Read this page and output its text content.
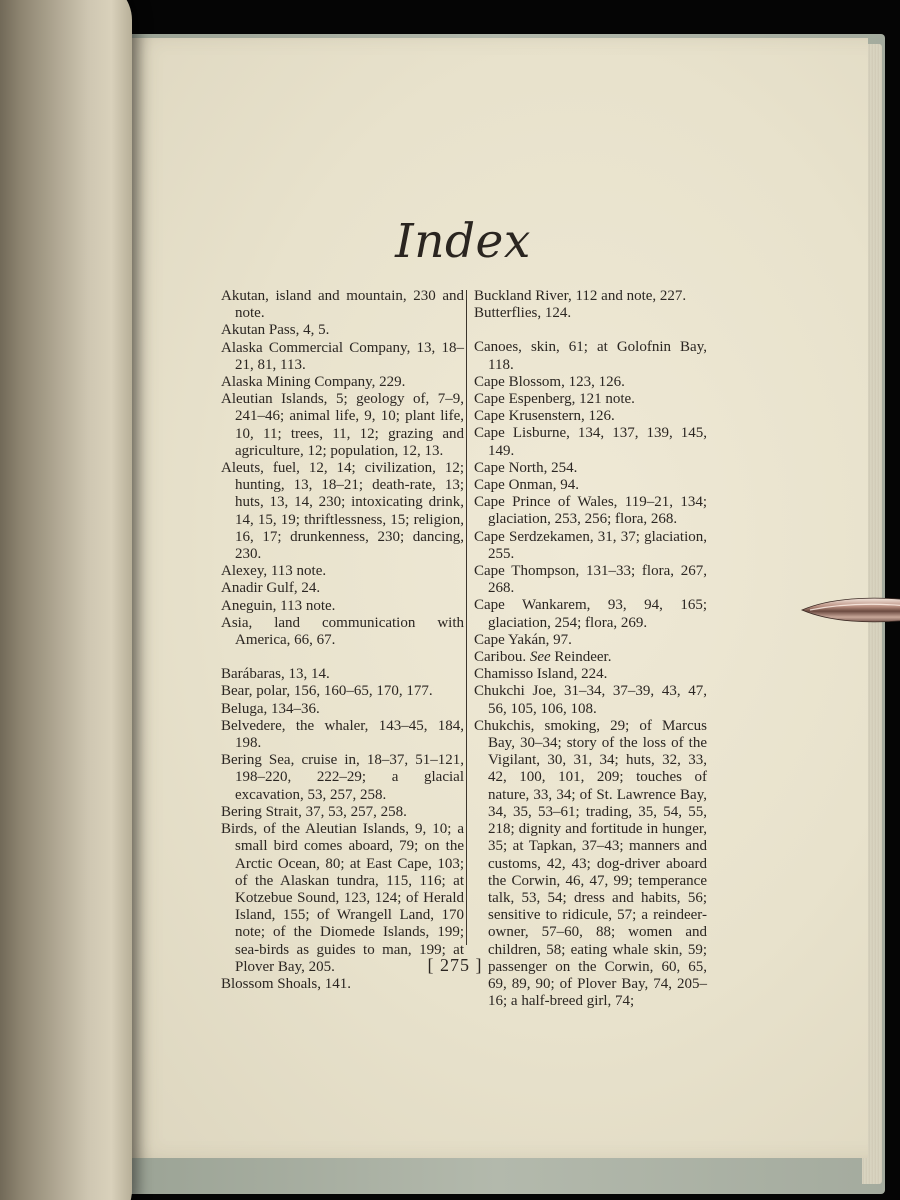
Index

Akutan, island and mountain, 230 and note.

Akutan Pass, 4, 5.

Alaska Commercial Company, 13, 18–21, 81, 113.

Alaska Mining Company, 229.

Aleutian Islands, 5; geology of, 7–9, 241–46; animal life, 9, 10; plant life, 10, 11; trees, 11, 12; grazing and agriculture, 12; population, 12, 13.

Aleuts, fuel, 12, 14; civilization, 12; hunting, 13, 18–21; death-rate, 13; huts, 13, 14, 230; intoxicating drink, 14, 15, 19; thriftlessness, 15; religion, 16, 17; drunkenness, 230; dancing, 230.

Alexey, 113 note.

Anadir Gulf, 24.

Aneguin, 113 note.

Asia, land communication with America, 66, 67.

Barábaras, 13, 14.

Bear, polar, 156, 160–65, 170, 177.

Beluga, 134–36.

Belvedere, the whaler, 143–45, 184, 198.

Bering Sea, cruise in, 18–37, 51–121, 198–220, 222–29; a glacial excavation, 53, 257, 258.

Bering Strait, 37, 53, 257, 258.

Birds, of the Aleutian Islands, 9, 10; a small bird comes aboard, 79; on the Arctic Ocean, 80; at East Cape, 103; of the Alaskan tundra, 115, 116; at Kotzebue Sound, 123, 124; of Herald Island, 155; of Wrangell Land, 170 note; of the Diomede Islands, 199; sea-birds as guides to man, 199; at Plover Bay, 205.

Blossom Shoals, 141.

Buckland River, 112 and note, 227.

Butterflies, 124.

Canoes, skin, 61; at Golofnin Bay, 118.

Cape Blossom, 123, 126.

Cape Espenberg, 121 note.

Cape Krusenstern, 126.

Cape Lisburne, 134, 137, 139, 145, 149.

Cape North, 254.

Cape Onman, 94.

Cape Prince of Wales, 119–21, 134; glaciation, 253, 256; flora, 268.

Cape Serdzekamen, 31, 37; glaciation, 255.

Cape Thompson, 131–33; flora, 267, 268.

Cape Wankarem, 93, 94, 165; glaciation, 254; flora, 269.

Cape Yakán, 97.

Caribou. See Reindeer.

Chamisso Island, 224.

Chukchi Joe, 31–34, 37–39, 43, 47, 56, 105, 106, 108.

Chukchis, smoking, 29; of Marcus Bay, 30–34; story of the loss of the Vigilant, 30, 31, 34; huts, 32, 33, 42, 100, 101, 209; touches of nature, 33, 34; of St. Lawrence Bay, 34, 35, 53–61; trading, 35, 54, 55, 218; dignity and fortitude in hunger, 35; at Tapkan, 37–43; manners and customs, 42, 43; dog-driver aboard the Corwin, 46, 47, 99; temperance talk, 53, 54; dress and habits, 56; sensitive to ridicule, 57; a reindeer-owner, 57–60, 88; women and children, 58; eating whale skin, 59; passenger on the Corwin, 60, 65, 69, 89, 90; of Plover Bay, 74, 205–16; a half-breed girl, 74;

[ 275 ]
